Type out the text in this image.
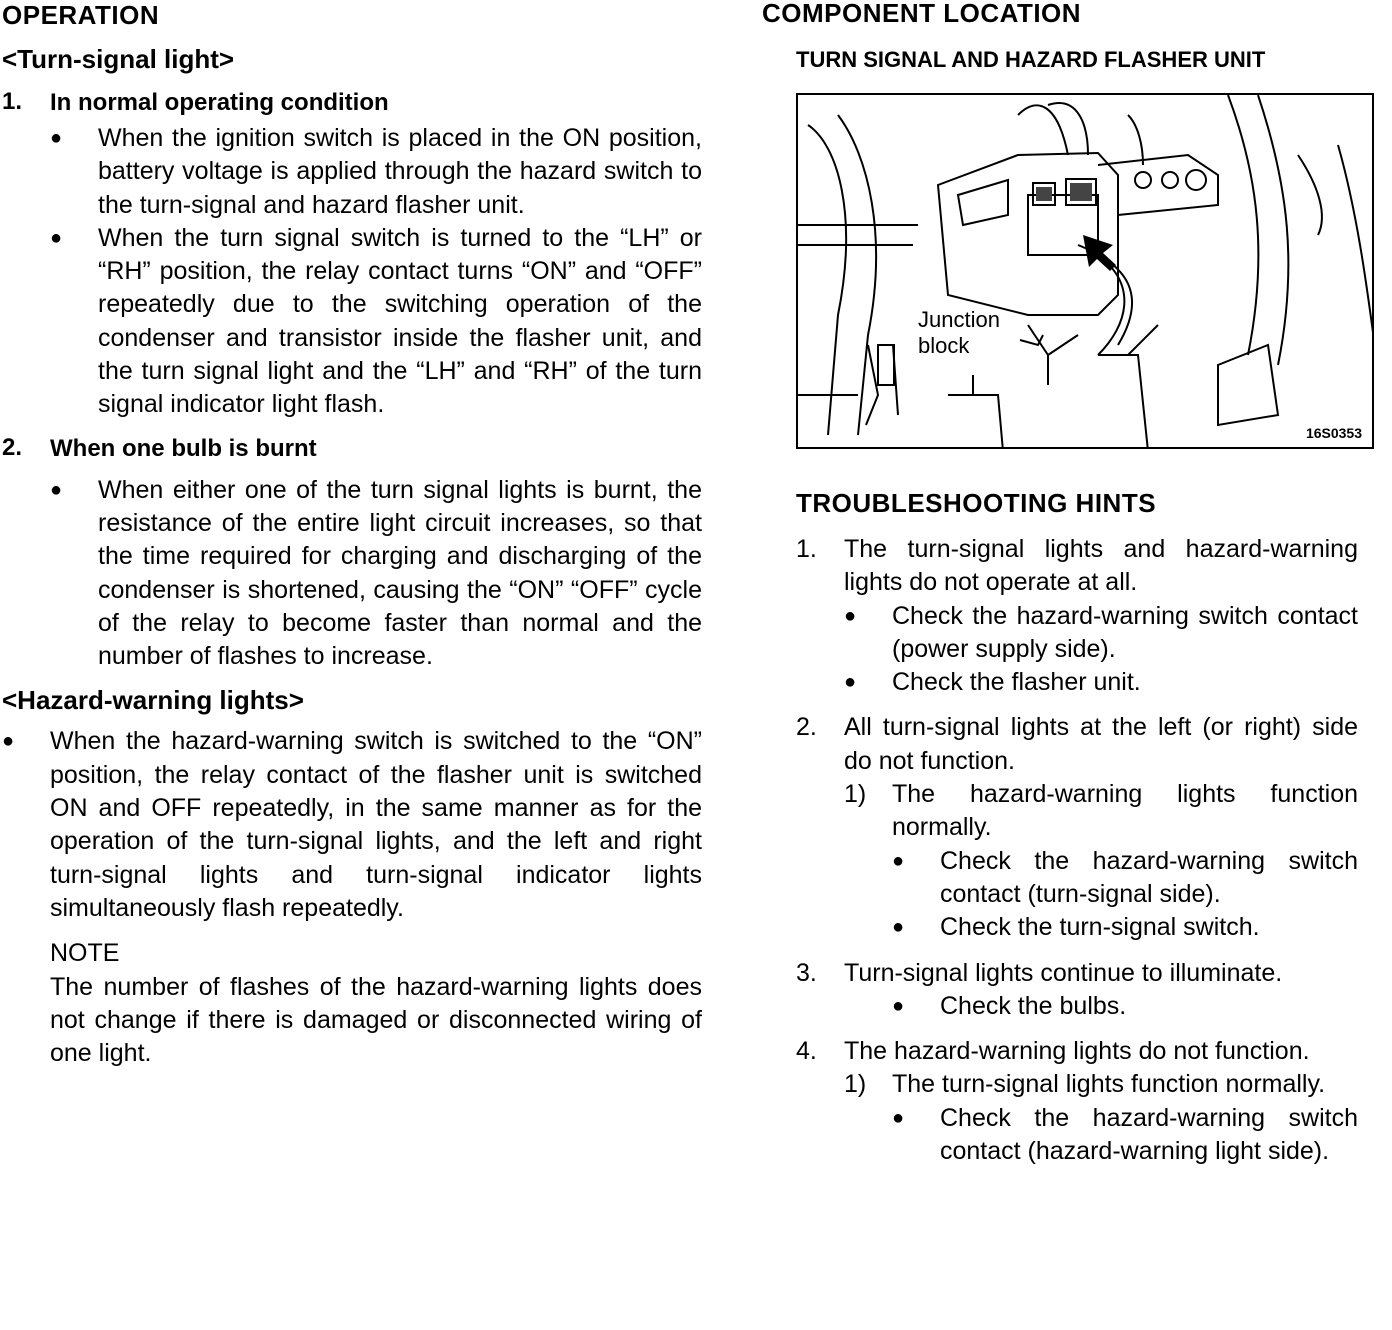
OPERATION
<Turn-signal light>
1.	In normal operating condition
●	When the ignition switch is placed in the ON position, battery voltage is applied through the hazard switch to the turn-signal and hazard flasher unit.

●	When the turn signal switch is turned to the “LH” or “RH” position, the relay contact turns “ON” and “OFF” repeatedly due to the switching operation of the condenser and transistor inside the flasher unit, and the turn signal light and the “LH” and “RH” of the turn signal indicator light flash.

2.	When one bulb is burnt
●	When either one of the turn signal lights is burnt, the resistance of the entire light circuit increases, so that the time required for charging and discharging of the condenser is shortened, causing the “ON” “OFF” cycle of the relay to become faster than normal and the number of flashes to increase.

<Hazard-warning lights>
●	When the hazard-warning switch is switched to the “ON” position, the relay contact of the flasher unit is switched ON and OFF repeatedly, in the same manner as for the operation of the turn-signal lights, and the left and right turn-signal lights and turn-signal indicator lights simultaneously flash repeatedly.

NOTE

The number of flashes of the hazard-warning lights does not change if there is damaged or disconnected wiring of one light.

COMPONENT LOCATION
TURN SIGNAL AND HAZARD FLASHER UNIT
Junction
block
16S0353
TROUBLESHOOTING HINTS
1.	The turn-signal lights and hazard-warning lights do not operate at all.

●	Check the hazard-warning switch contact (power supply side).

●	Check the flasher unit.

2.	All turn-signal lights at the left (or right) side do not function.

1)	The hazard-warning lights function normally.

●	Check the hazard-warning switch contact (turn-signal side).

●	Check the turn-signal switch.

3.	Turn-signal lights continue to illuminate.

●	Check the bulbs.

4.	The hazard-warning lights do not function.

1)	The turn-signal lights function normally.

●	Check the hazard-warning switch contact (hazard-warning light side).
